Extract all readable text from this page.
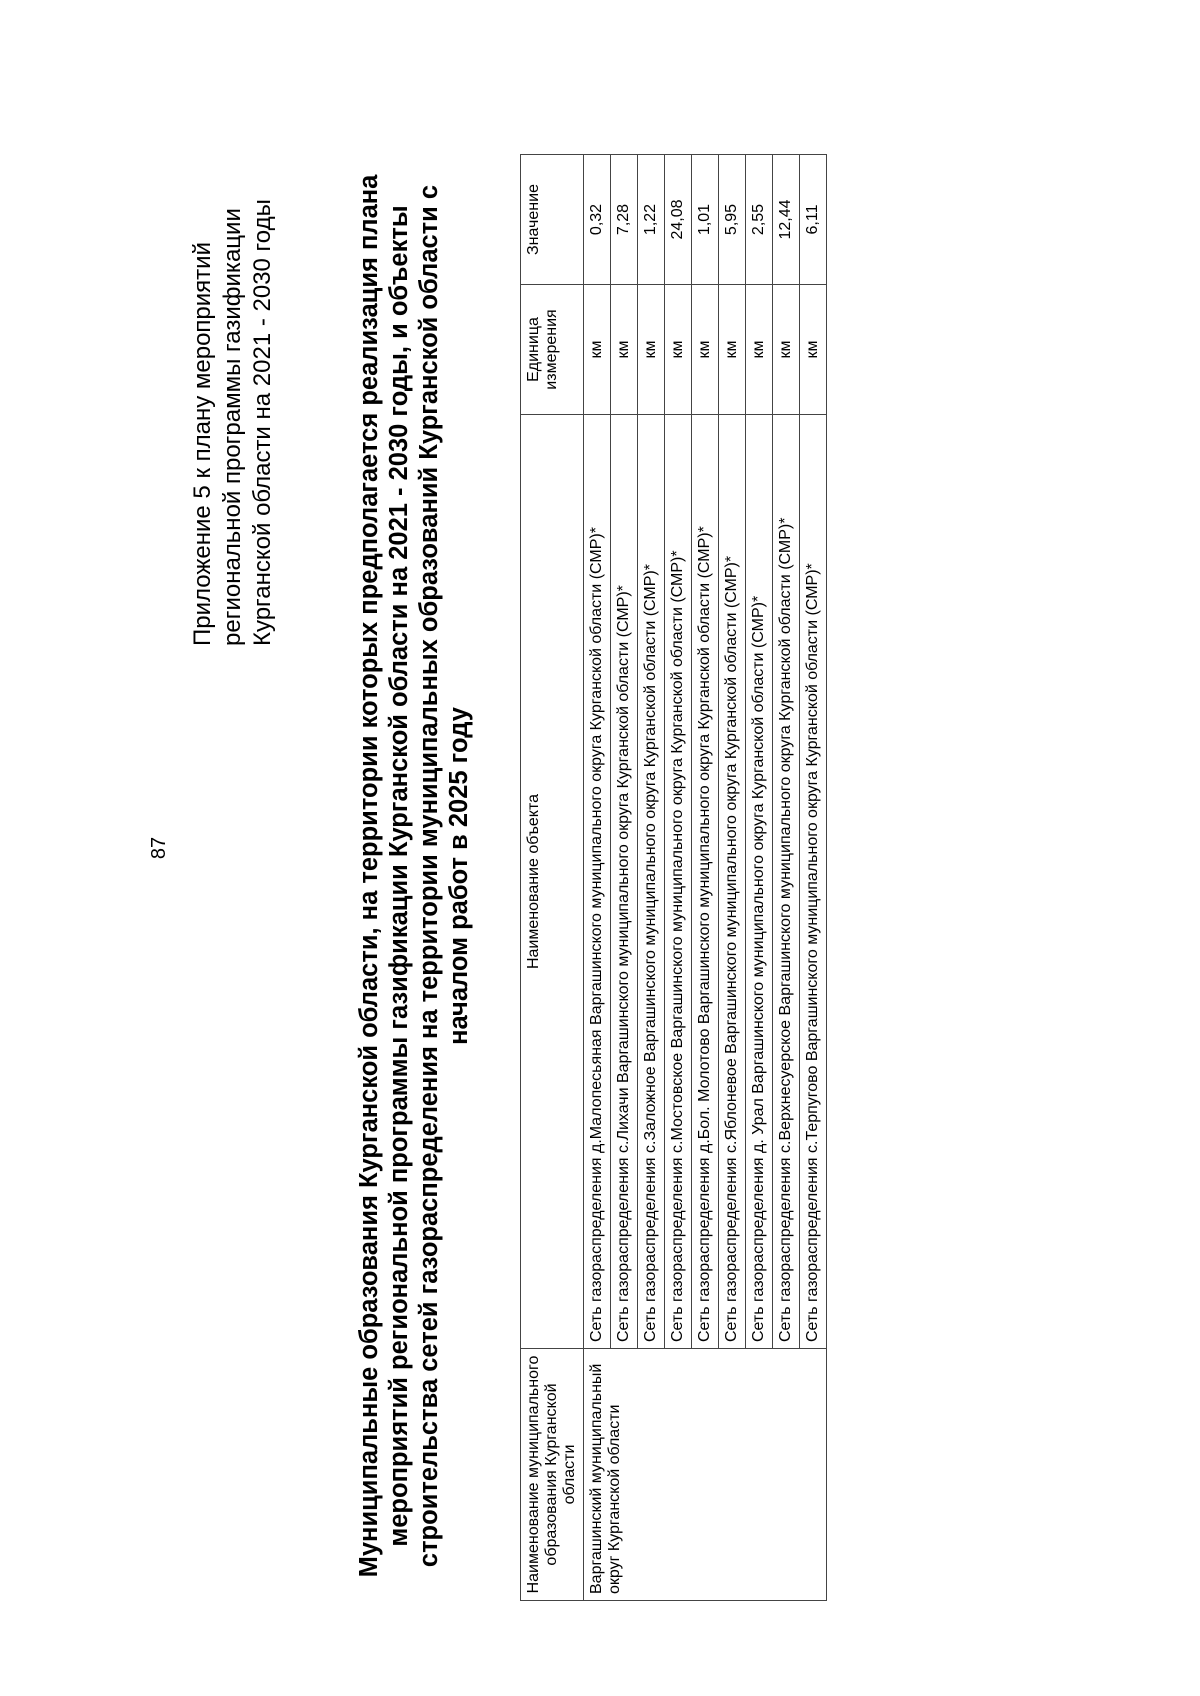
87
Приложение 5 к плану мероприятий региональной программы газификации Курганской области на 2021 - 2030 годы	Муниципальные образования Курганской области, на территории которых предполагается реализация плана мероприятий региональной программы газификации Курганской области на 2021 - 2030 годы, и объекты строительства сетей газораспределения на территории муниципальных образований Курганской области с началом работ в 2025 году
Наименование муниципального образования Курганской области	Наименование объекта	Единица измерения	Значение
Варгашинский муниципальный округ Курганской области	Сеть газораспределения д.Малопесьяная Варгашинского муниципального округа Курганской области (СМР)*	км	0,32
	Сеть газораспределения с.Лихачи Варгашинского муниципального округа Курганской области (СМР)*	км	7,28
	Сеть газораспределения с.Заложное Варгашинского муниципального округа Курганской области (СМР)*	км	1,22
	Сеть газораспределения с.Мостовское Варгашинского муниципального округа Курганской области (СМР)*	км	24,08
	Сеть газораспределения д.Бол. Молотово Варгашинского муниципального округа Курганской области (СМР)*	км	1,01
	Сеть газораспределения с.Яблоневое Варгашинского муниципального округа Курганской области (СМР)*	км	5,95
	Сеть газораспределения д. Урал Варгашинского муниципального округа Курганской области (СМР)*	км	2,55
	Сеть газораспределения с.Верхнесуерское Варгашинского муниципального округа Курганской области (СМР)*	км	12,44
	Сеть газораспределения с.Терпугово Варгашинского муниципального округа Курганской области (СМР)*	км	6,11
